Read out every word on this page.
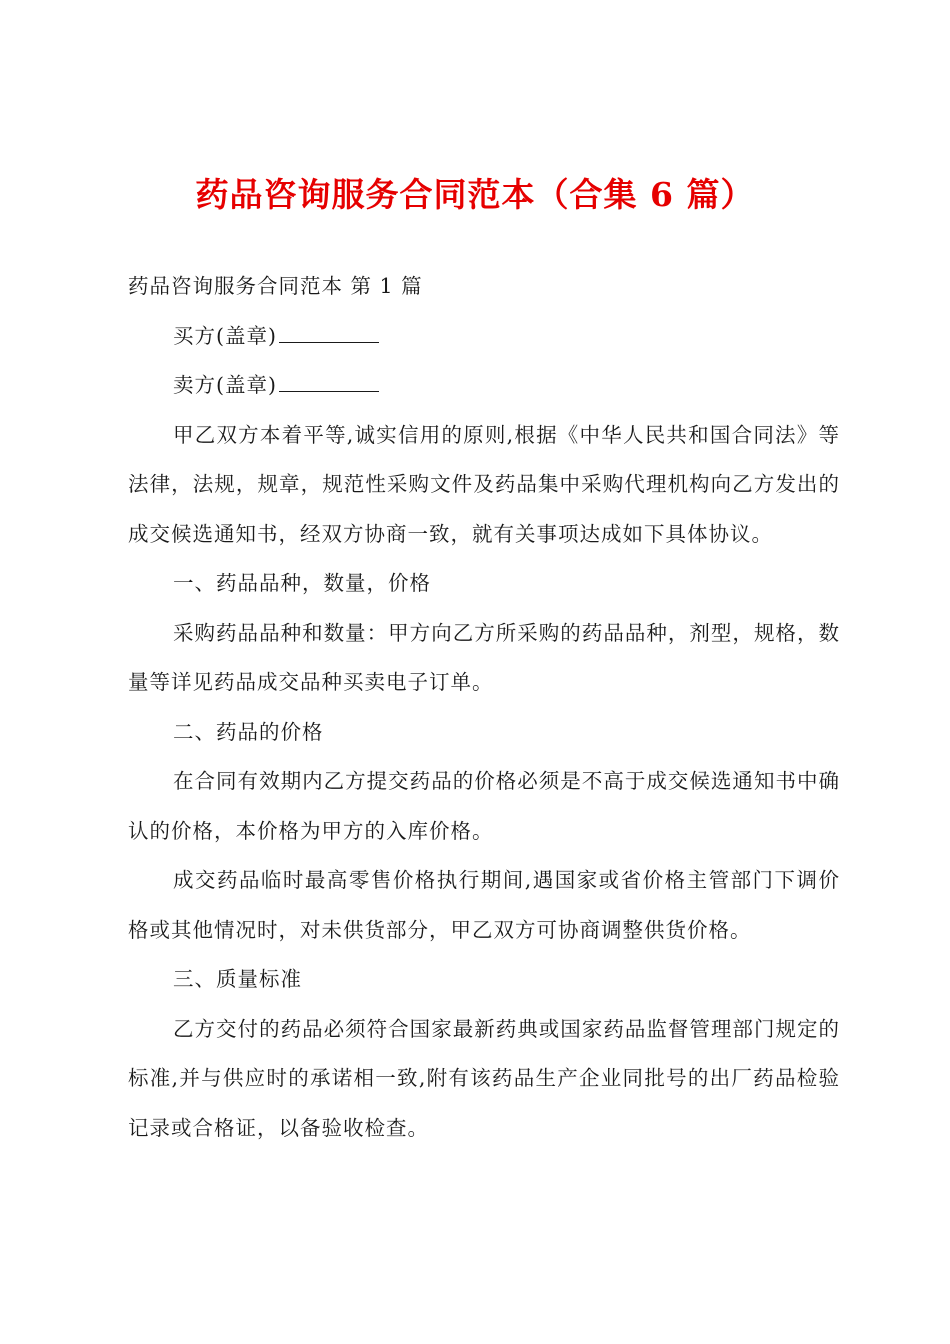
药品咨询服务合同范本（合集 6 篇）

药品咨询服务合同范本 第 1 篇

买方(盖章)

卖方(盖章)

甲乙双方本着平等,诚实信用的原则,根据《中华人民共和国合同法》等法律，法规，规章，规范性采购文件及药品集中采购代理机构向乙方发出的成交候选通知书，经双方协商一致，就有关事项达成如下具体协议。

一、药品品种，数量，价格

采购药品品种和数量：甲方向乙方所采购的药品品种，剂型，规格，数量等详见药品成交品种买卖电子订单。

二、药品的价格

在合同有效期内乙方提交药品的价格必须是不高于成交候选通知书中确认的价格，本价格为甲方的入库价格。

成交药品临时最高零售价格执行期间,遇国家或省价格主管部门下调价格或其他情况时，对未供货部分，甲乙双方可协商调整供货价格。

三、质量标准

乙方交付的药品必须符合国家最新药典或国家药品监督管理部门规定的标准,并与供应时的承诺相一致,附有该药品生产企业同批号的出厂药品检验记录或合格证，以备验收检查。
